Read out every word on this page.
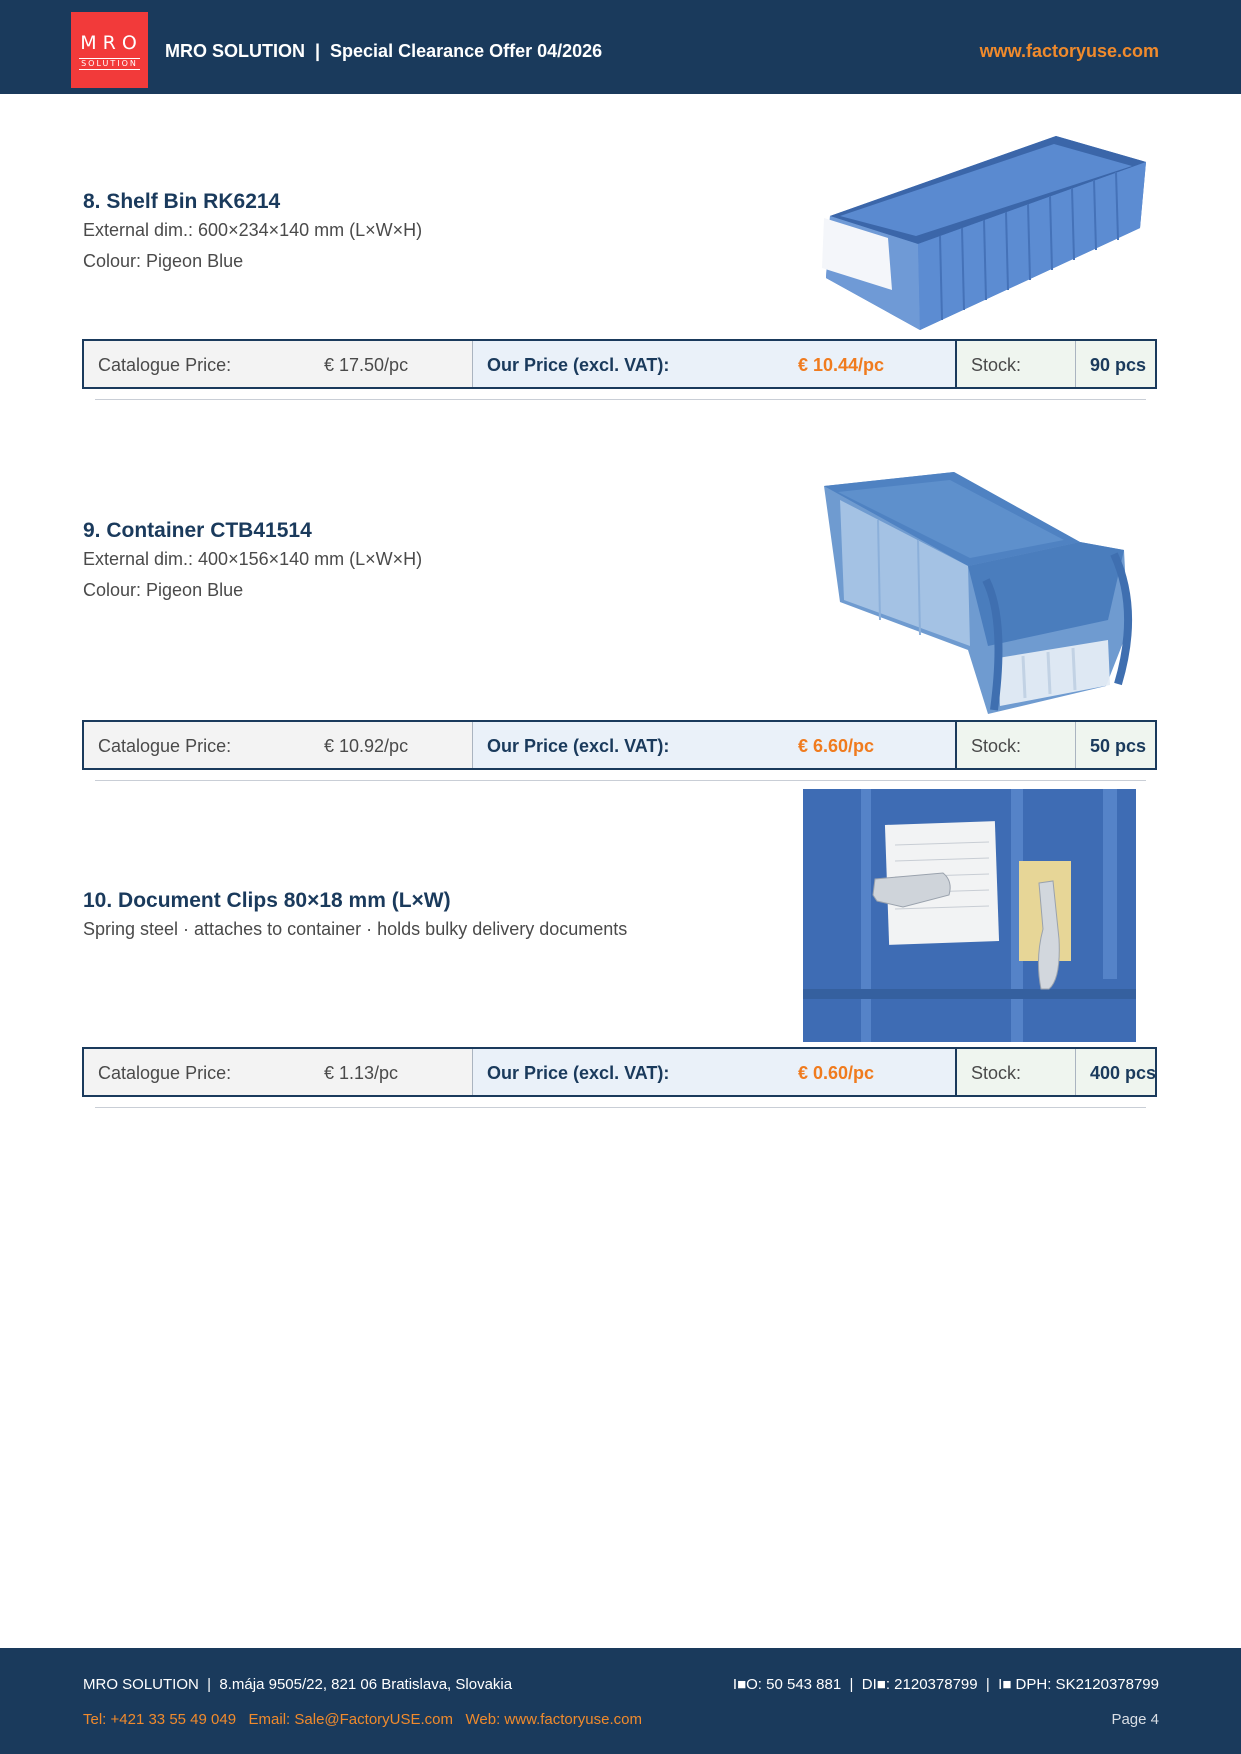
MRO
SOLUTION
MRO SOLUTION  |  Special Clearance Offer 04/2026	www.factoryuse.com
8. Shelf Bin RK6214
External dim.: 600×234×140 mm (L×W×H)
Colour: Pigeon Blue
Catalogue Price:	€ 17.50/pc	Our Price (excl. VAT):	€ 10.44/pc	Stock:	90 pcs
9. Container CTB41514
External dim.: 400×156×140 mm (L×W×H)
Colour: Pigeon Blue
Catalogue Price:	€ 10.92/pc	Our Price (excl. VAT):	€ 6.60/pc	Stock:	50 pcs
10. Document Clips 80×18 mm (L×W)
Spring steel · attaches to container · holds bulky delivery documents
Catalogue Price:	€ 1.13/pc	Our Price (excl. VAT):	€ 0.60/pc	Stock:	400 pcs
MRO SOLUTION  |  8.mája 9505/22, 821 06 Bratislava, Slovakia
Tel: +421 33 55 49 049   Email: Sale@FactoryUSE.com   Web: www.factoryuse.com
I■O: 50 543 881  |  DI■: 2120378799  |  I■ DPH: SK2120378799
Page 4
